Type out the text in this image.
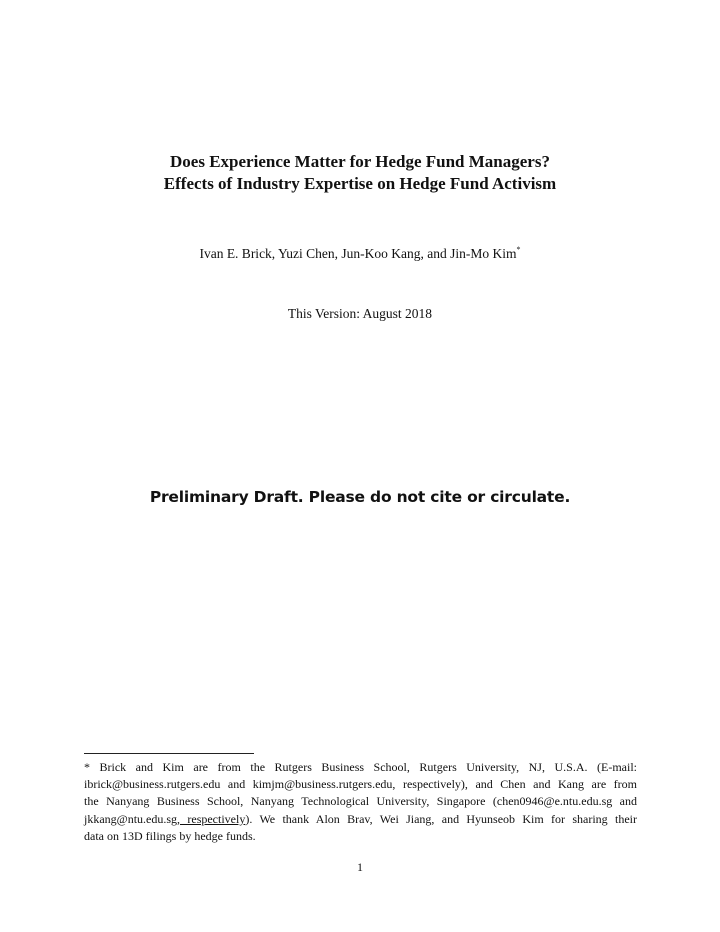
Does Experience Matter for Hedge Fund Managers?
Effects of Industry Expertise on Hedge Fund Activism
Ivan E. Brick, Yuzi Chen, Jun-Koo Kang, and Jin-Mo Kim*
This Version: August 2018
Preliminary Draft. Please do not cite or circulate.
* Brick and Kim are from the Rutgers Business School, Rutgers University, NJ, U.S.A. (E-mail:
ibrick@business.rutgers.edu and kimjm@business.rutgers.edu, respectively), and Chen and Kang are from
the Nanyang Business School, Nanyang Technological University, Singapore (chen0946@e.ntu.edu.sg and
jkkang@ntu.edu.sg, respectively). We thank Alon Brav, Wei Jiang, and Hyunseob Kim for sharing their
data on 13D filings by hedge funds.
1
